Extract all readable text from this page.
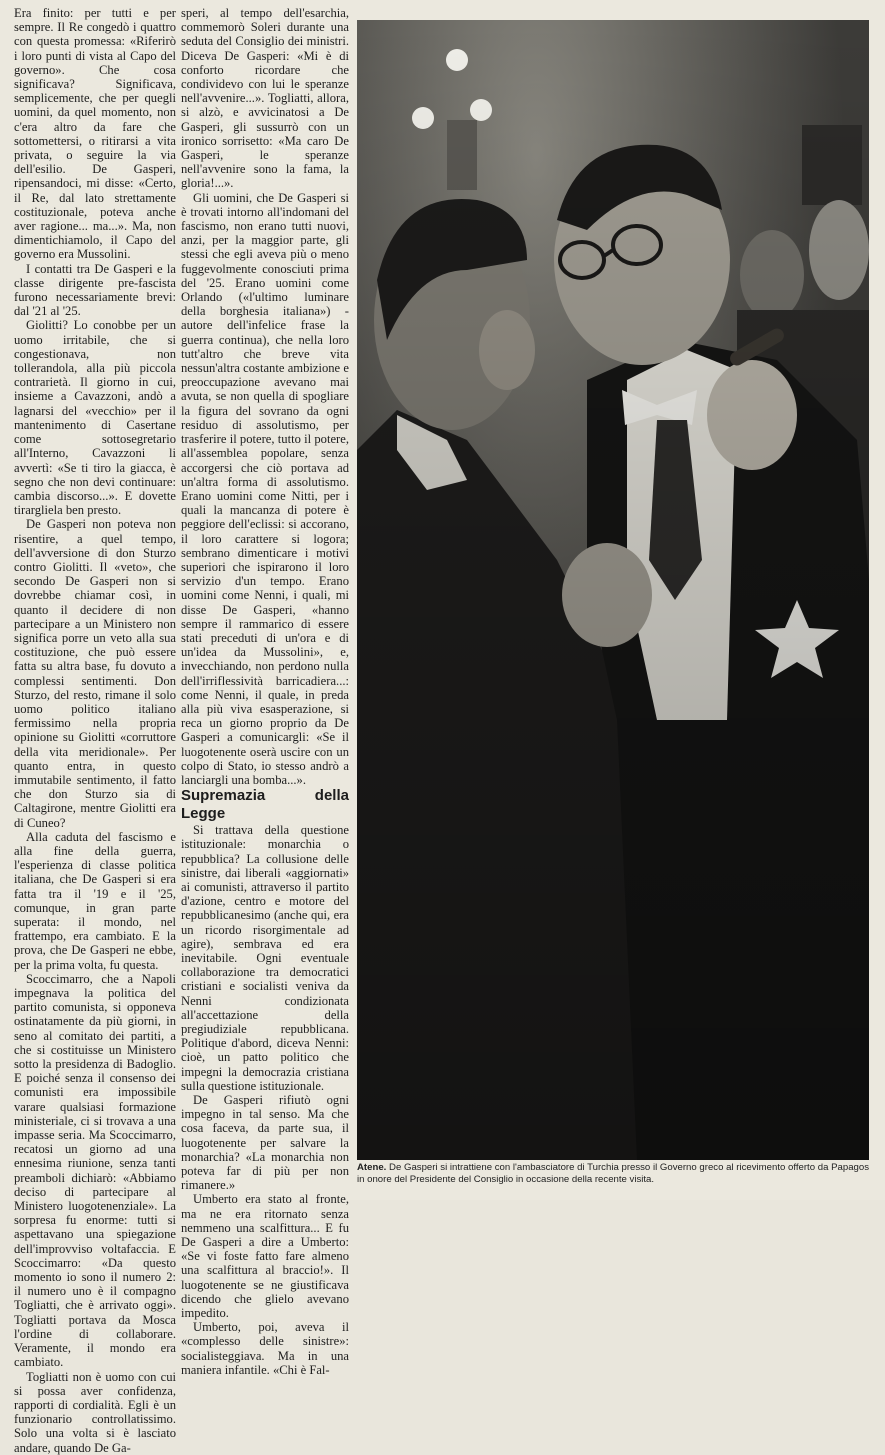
Era finito: per tutti e per sempre. Il Re congedò i quattro con questa promessa: «Riferirò i loro punti di vista al Capo del governo». Che cosa significava? Significava, semplicemente, che per quegli uomini, da quel momento, non c'era altro da fare che sottomettersi, o ritirarsi a vita privata, o seguire la via dell'esilio. De Gasperi, ripensandoci, mi disse: «Certo, il Re, dal lato strettamente costituzionale, poteva anche aver ragione... ma...». Ma, non dimentichiamolo, il Capo del governo era Mussolini.

I contatti tra De Gasperi e la classe dirigente pre-fascista furono necessariamente brevi: dal '21 al '25.

Giolitti? Lo conobbe per un uomo irritabile, che si congestionava, non tollerandola, alla più piccola contrarietà. Il giorno in cui, insieme a Cavazzoni, andò a lagnarsi del «vecchio» per il mantenimento di Casertane come sottosegretario all'Interno, Cavazzoni li avvertì: «Se ti tiro la giacca, è segno che non devi continuare: cambia discorso...». E dovette tirargliela ben presto.

De Gasperi non poteva non risentire, a quel tempo, dell'avversione di don Sturzo contro Giolitti. Il «veto», che secondo De Gasperi non si dovrebbe chiamar così, in quanto il decidere di non partecipare a un Ministero non significa porre un veto alla sua costituzione, che può essere fatta su altra base, fu dovuto a complessi sentimenti. Don Sturzo, del resto, rimane il solo uomo politico italiano fermissimo nella propria opinione su Giolitti «corruttore della vita meridionale». Per quanto entra, in questo immutabile sentimento, il fatto che don Sturzo sia di Caltagirone, mentre Giolitti era di Cuneo?

Alla caduta del fascismo e alla fine della guerra, l'esperienza di classe politica italiana, che De Gasperi si era fatta tra il '19 e il '25, comunque, in gran parte superata: il mondo, nel frattempo, era cambiato. E la prova, che De Gasperi ne ebbe, per la prima volta, fu questa.

Scoccimarro, che a Napoli impegnava la politica del partito comunista, si opponeva ostinatamente da più giorni, in seno al comitato dei partiti, a che si costituisse un Ministero sotto la presidenza di Badoglio. E poiché senza il consenso dei comunisti era impossibile varare qualsiasi formazione ministeriale, ci si trovava a una impasse seria. Ma Scoccimarro, recatosi un giorno ad una ennesima riunione, senza tanti preamboli dichiarò: «Abbiamo deciso di partecipare al Ministero luogotenenziale». La sorpresa fu enorme: tutti si aspettavano una spiegazione dell'improvviso voltafaccia. E Scoccimarro: «Da questo momento io sono il numero 2: il numero uno è il compagno Togliatti, che è arrivato oggi». Togliatti portava da Mosca l'ordine di collaborare. Veramente, il mondo era cambiato.

Togliatti non è uomo con cui si possa aver confidenza, rapporti di cordialità. Egli è un funzionario controllatissimo. Solo una volta si è lasciato andare, quando De Ga-

speri, al tempo dell'esarchia, commemorò Soleri durante una seduta del Consiglio dei ministri. Diceva De Gasperi: «Mi è di conforto ricordare che condividevo con lui le speranze nell'avvenire...». Togliatti, allora, si alzò, e avvicinatosi a De Gasperi, gli sussurrò con un ironico sorrisetto: «Ma caro De Gasperi, le speranze nell'avvenire sono la fama, la gloria!...».

Gli uomini, che De Gasperi si è trovati intorno all'indomani del fascismo, non erano tutti nuovi, anzi, per la maggior parte, gli stessi che egli aveva più o meno fuggevolmente conosciuti prima del '25. Erano uomini come Orlando («l'ultimo luminare della borghesia italiana») - autore dell'infelice frase la guerra continua), che nella loro tutt'altro che breve vita nessun'altra costante ambizione e preoccupazione avevano mai avuta, se non quella di spogliare la figura del sovrano da ogni residuo di assolutismo, per trasferire il potere, tutto il potere, all'assemblea popolare, senza accorgersi che ciò portava ad un'altra forma di assolutismo. Erano uomini come Nitti, per i quali la mancanza di potere è peggiore dell'eclissi: si accorano, il loro carattere si logora; sembrano dimenticare i motivi superiori che ispirarono il loro servizio d'un tempo. Erano uomini come Nenni, i quali, mi disse De Gasperi, «hanno sempre il rammarico di essere stati preceduti di un'ora e di un'idea da Mussolini», e, invecchiando, non perdono nulla dell'irriflessività barricadiera...: come Nenni, il quale, in preda alla più viva esasperazione, si reca un giorno proprio da De Gasperi a comunicargli: «Se il luogotenente oserà uscire con un colpo di Stato, io stesso andrò a lanciargli una bomba...».

Supremazia della Legge

Si trattava della questione istituzionale: monarchia o repubblica? La collusione delle sinistre, dai liberali «aggiornati» ai comunisti, attraverso il partito d'azione, centro e motore del repubblicanesimo (anche qui, era un ricordo risorgimentale ad agire), sembrava ed era inevitabile. Ogni eventuale collaborazione tra democratici cristiani e socialisti veniva da Nenni condizionata all'accettazione della pregiudiziale repubblicana. Politique d'abord, diceva Nenni: cioè, un patto politico che impegni la democrazia cristiana sulla questione istituzionale.

De Gasperi rifiutò ogni impegno in tal senso. Ma che cosa faceva, da parte sua, il luogotenente per salvare la monarchia? «La monarchia non poteva far di più per non rimanere.»

Umberto era stato al fronte, ma ne era ritornato senza nemmeno una scalfittura... E fu De Gasperi a dire a Umberto: «Se vi foste fatto fare almeno una scalfittura al braccio!». Il luogotenente se ne giustificava dicendo che glielo avevano impedito.

Umberto, poi, aveva il «complesso delle sinistre»: socialisteggiava. Ma in una maniera infantile. «Chi è Fal-

Atene. De Gasperi si intrattiene con l'ambasciatore di Turchia presso il Governo greco al ricevimento offerto da Papagos in onore del Presidente del Consiglio in occasione della recente visita.
